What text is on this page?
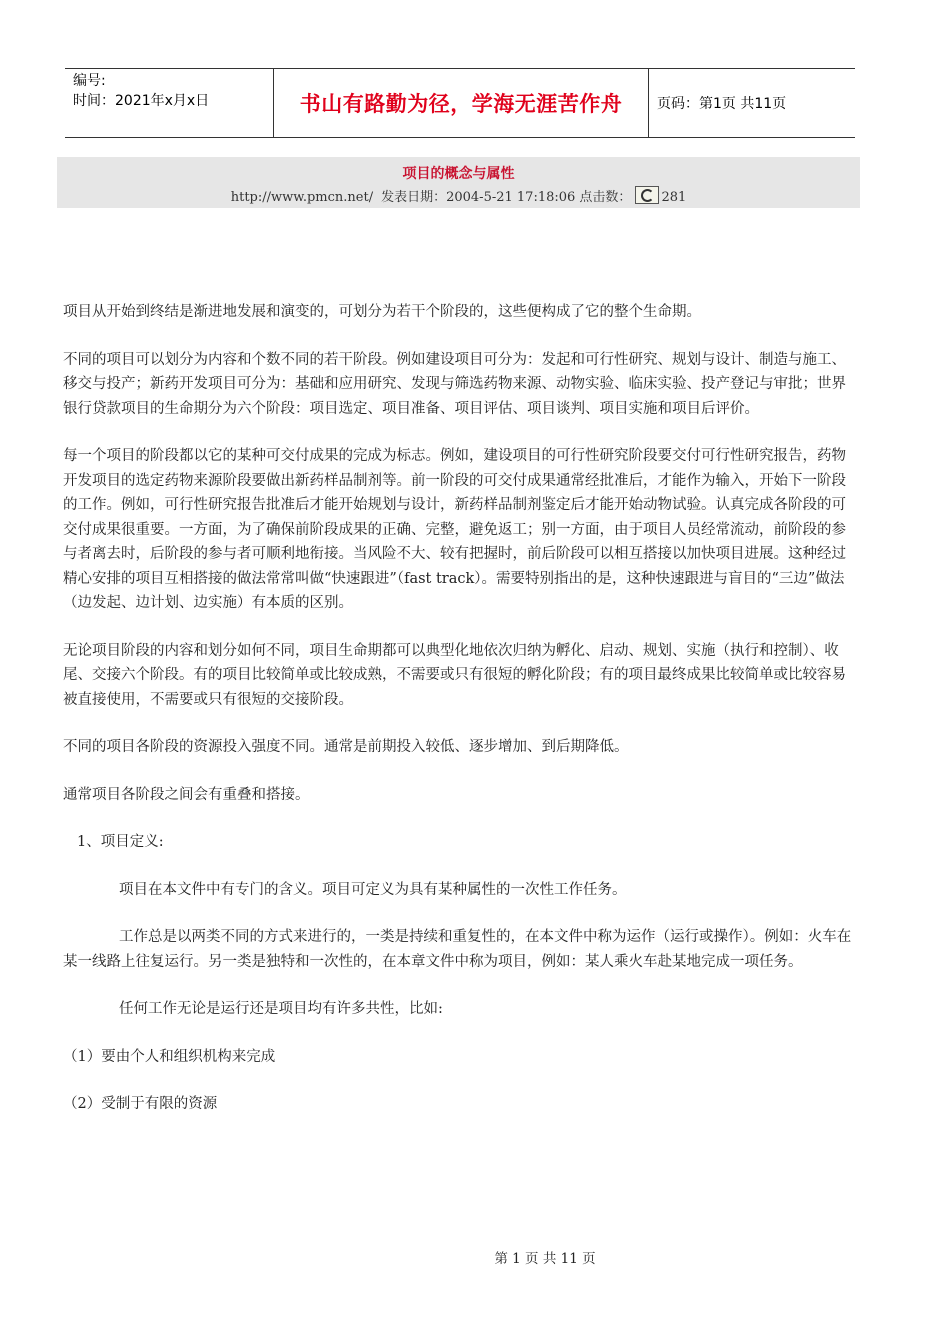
编号:
时间：2021年x月x日	书山有路勤为径，学海无涯苦作舟	页码：第1页 共11页
项目的概念与属性
http://www.pmcn.net/ 发表日期：2004-5-21 17:18:06 点击数： 281

项目从开始到终结是渐进地发展和演变的，可划分为若干个阶段的，这些便构成了它的整个生命期。

不同的项目可以划分为内容和个数不同的若干阶段。例如建设项目可分为：发起和可行性研究、规划与设计、制造与施工、移交与投产；新药开发项目可分为：基础和应用研究、发现与筛选药物来源、动物实验、临床实验、投产登记与审批；世界银行贷款项目的生命期分为六个阶段：项目选定、项目准备、项目评估、项目谈判、项目实施和项目后评价。

每一个项目的阶段都以它的某种可交付成果的完成为标志。例如，建设项目的可行性研究阶段要交付可行性研究报告，药物开发项目的选定药物来源阶段要做出新药样品制剂等。前一阶段的可交付成果通常经批准后，才能作为输入，开始下一阶段的工作。例如，可行性研究报告批准后才能开始规划与设计，新药样品制剂鉴定后才能开始动物试验。认真完成各阶段的可交付成果很重要。一方面，为了确保前阶段成果的正确、完整，避免返工；别一方面，由于项目人员经常流动，前阶段的参与者离去时，后阶段的参与者可顺利地衔接。当风险不大、较有把握时，前后阶段可以相互搭接以加快项目进展。这种经过精心安排的项目互相搭接的做法常常叫做“快速跟进”（fast track）。需要特别指出的是，这种快速跟进与盲目的“三边”做法（边发起、边计划、边实施）有本质的区别。

无论项目阶段的内容和划分如何不同，项目生命期都可以典型化地依次归纳为孵化、启动、规划、实施（执行和控制）、收尾、交接六个阶段。有的项目比较简单或比较成熟，不需要或只有很短的孵化阶段；有的项目最终成果比较简单或比较容易被直接使用，不需要或只有很短的交接阶段。

不同的项目各阶段的资源投入强度不同。通常是前期投入较低、逐步增加、到后期降低。

通常项目各阶段之间会有重叠和搭接。

1、项目定义:

项目在本文件中有专门的含义。项目可定义为具有某种属性的一次性工作任务。

工作总是以两类不同的方式来进行的，一类是持续和重复性的，在本文件中称为运作（运行或操作）。例如：火车在某一线路上往复运行。另一类是独特和一次性的，在本章文件中称为项目，例如：某人乘火车赴某地完成一项任务。

任何工作无论是运行还是项目均有许多共性，比如:

（1）要由个人和组织机构来完成

（2）受制于有限的资源

第 1 页 共 11 页
